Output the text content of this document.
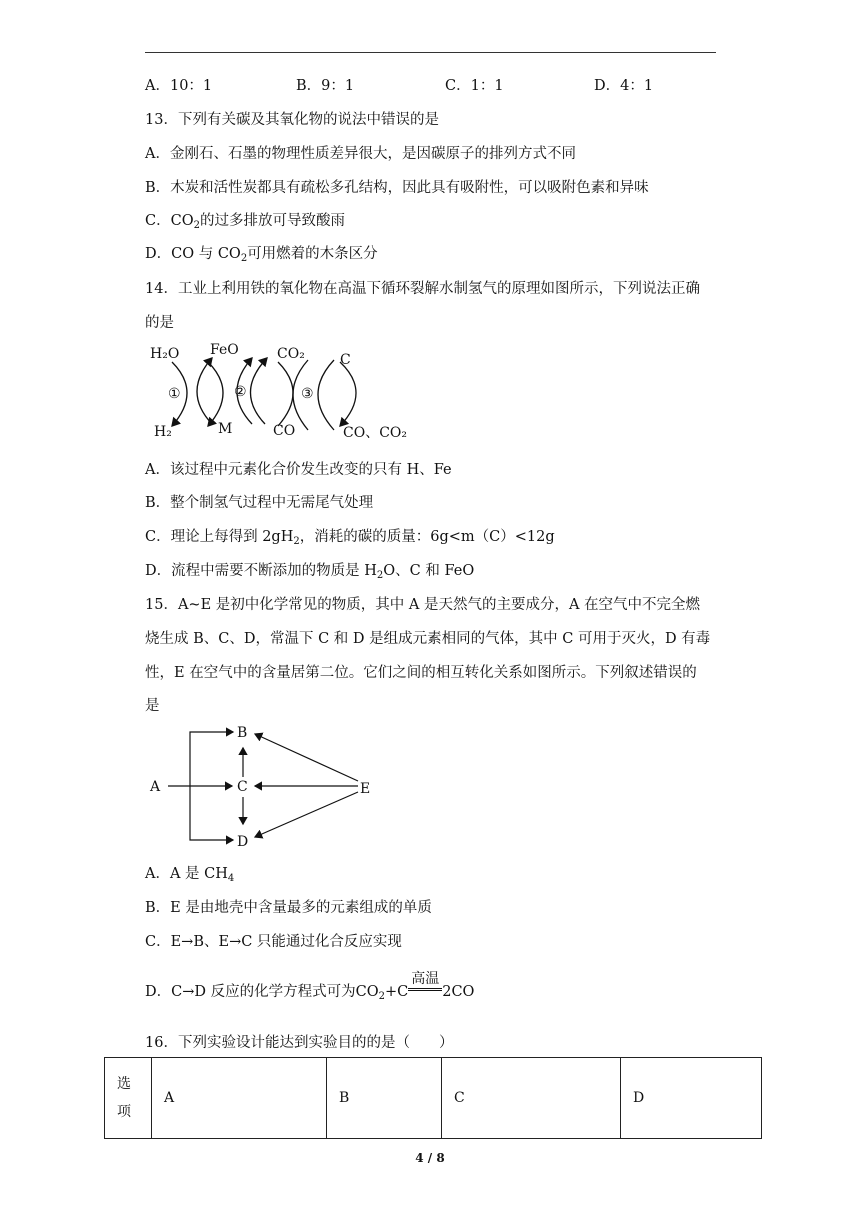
A．10：1	B．9：1	C．1：1	D．4：1
13．下列有关碳及其氧化物的说法中错误的是
A．金刚石、石墨的物理性质差异很大，是因碳原子的排列方式不同
B．木炭和活性炭都具有疏松多孔结构，因此具有吸附性，可以吸附色素和异味
C．$CO_2$的过多排放可导致酸雨
D．CO 与 $CO_2$可用燃着的木条区分
14．工业上利用铁的氧化物在高温下循环裂解水制氢气的原理如图所示，下列说法正确
的是
H₂O FeO	CO₂	C
H₂	M	CO	CO、CO₂
①	②	③
A．该过程中元素化合价发生改变的只有 H、Fe
B．整个制氢气过程中无需尾气处理
C．理论上每得到 $2gH_2$，消耗的碳的质量：6g<m（C）<12g
D．流程中需要不断添加的物质是 $H_2O$、C 和 FeO
15．A~E 是初中化学常见的物质，其中 A 是天然气的主要成分，A 在空气中不完全燃
烧生成 B、C、D，常温下 C 和 D 是组成元素相同的气体，其中 C 可用于灭火，D 有毒
性，E 在空气中的含量居第二位。它们之间的相互转化关系如图所示。下列叙述错误的
是
A
B
C
D
E
A．A 是 $CH_4$
B．E 是由地壳中含量最多的元素组成的单质
C．E→B、E→C 只能通过化合反应实现
D．C→D 反应的化学方程式可为$CO_2+C$
高温
2CO
16．下列实验设计能达到实验目的的是（　　）
选项	A	B	C	D
4 / 8
